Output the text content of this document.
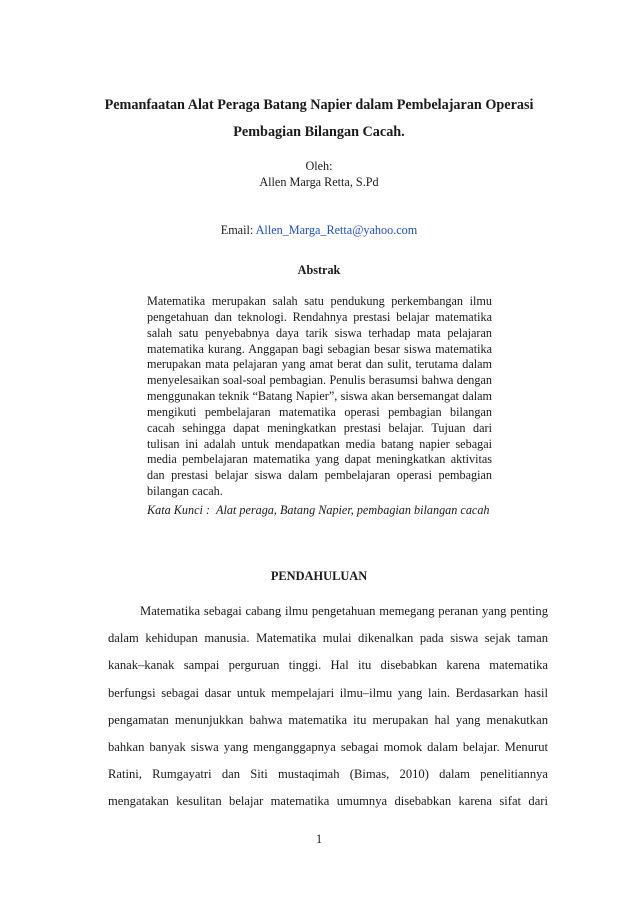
Pemanfaatan Alat Peraga Batang Napier dalam Pembelajaran Operasi
Pembagian Bilangan Cacah.
Oleh:
Allen Marga Retta, S.Pd
Email: Allen_Marga_Retta@yahoo.com
Abstrak
Matematika merupakan salah satu pendukung perkembangan ilmu pengetahuan dan teknologi. Rendahnya prestasi belajar matematika salah satu penyebabnya daya tarik siswa terhadap mata pelajaran matematika kurang. Anggapan bagi sebagian besar siswa matematika merupakan mata pelajaran yang amat berat dan sulit, terutama dalam menyelesaikan soal-soal pembagian. Penulis berasumsi bahwa dengan menggunakan teknik “Batang Napier”, siswa akan bersemangat dalam mengikuti pembelajaran matematika operasi pembagian bilangan cacah sehingga dapat meningkatkan prestasi belajar. Tujuan dari tulisan ini adalah untuk mendapatkan media batang napier sebagai media pembelajaran matematika yang dapat meningkatkan aktivitas dan prestasi belajar siswa dalam pembelajaran operasi pembagian bilangan cacah.
Kata Kunci : Alat peraga, Batang Napier, pembagian bilangan cacah
PENDAHULUAN
Matematika sebagai cabang ilmu pengetahuan memegang peranan yang penting dalam kehidupan manusia. Matematika mulai dikenalkan pada siswa sejak taman kanak–kanak sampai perguruan tinggi. Hal itu disebabkan karena matematika berfungsi sebagai dasar untuk mempelajari ilmu–ilmu yang lain. Berdasarkan hasil pengamatan menunjukkan bahwa matematika itu merupakan hal yang menakutkan bahkan banyak siswa yang menganggapnya sebagai momok dalam belajar. Menurut Ratini, Rumgayatri dan Siti mustaqimah (Bimas, 2010) dalam penelitiannya mengatakan kesulitan belajar matematika umumnya disebabkan karena sifat dari
1
